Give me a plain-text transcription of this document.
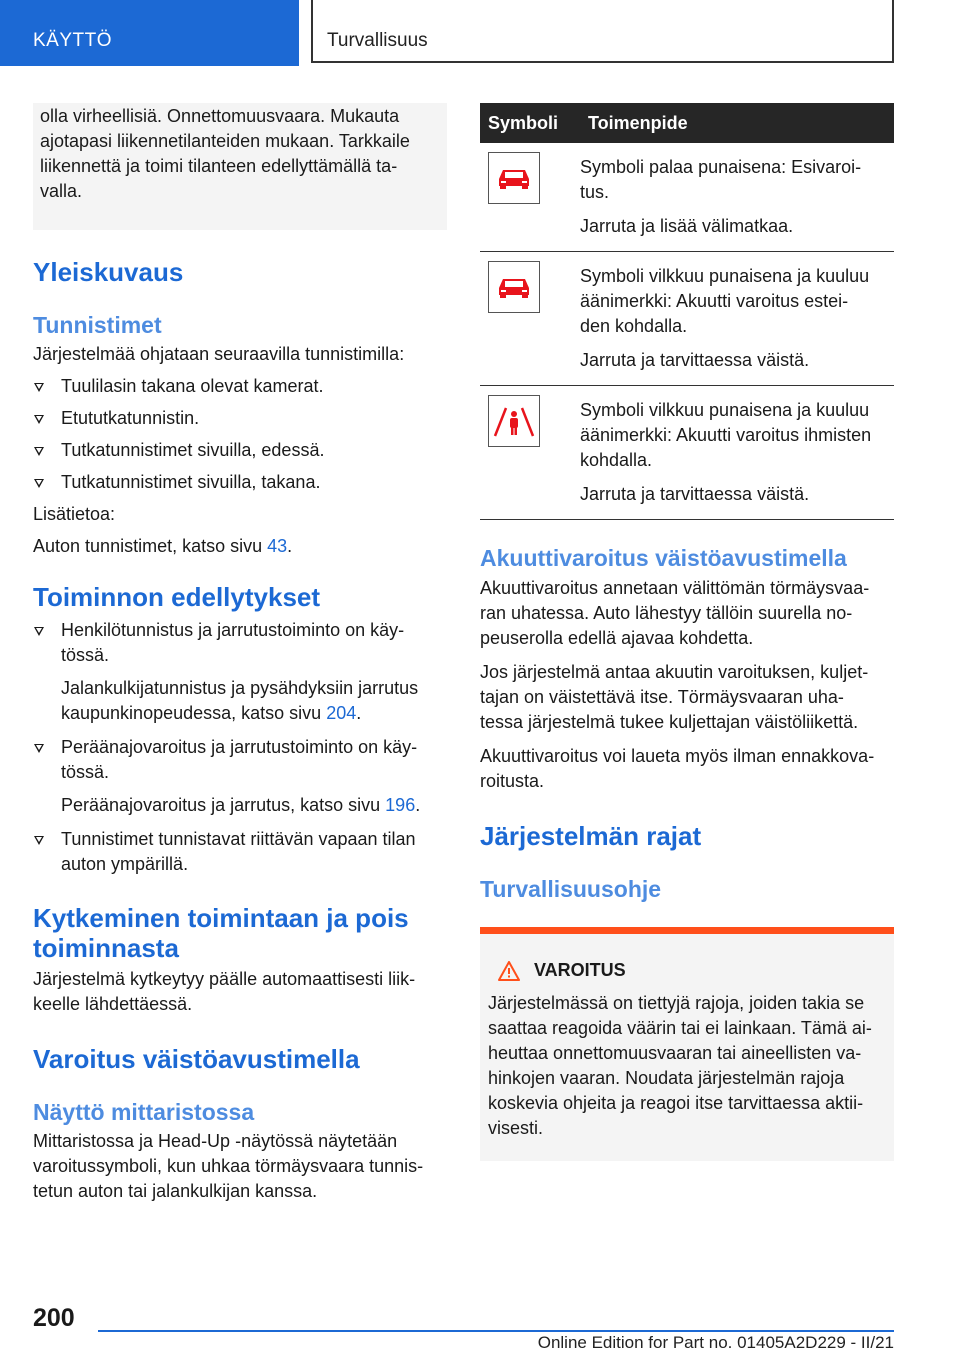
KÄYTTÖ	Turvallisuus

olla virheellisiä. Onnettomuusvaara. Mukauta

ajotapasi liikennetilanteiden mukaan. Tarkkaile

liikennettä ja toimi tilanteen edellyttämällä ta-

valla.

Yleiskuvaus
Tunnistimet

Järjestelmää ohjataan seuraavilla tunnistimilla:

Tuulilasin takana olevat kamerat.
Etututkatunnistin.
Tutkatunnistimet sivuilla, edessä.
Tutkatunnistimet sivuilla, takana.

Lisätietoa:

Auton tunnistimet, katso sivu 43.

Toiminnon edellytykset

Henkilötunnistus ja jarrutustoiminto on käy-

tössä.

Jalankulkijatunnistus ja pysähdyksiin jarrutus

kaupunkinopeudessa, katso sivu 204.

Peräänajovaroitus ja jarrutustoiminto on käy-

tössä.

Peräänajovaroitus ja jarrutus, katso sivu 196.

Tunnistimet tunnistavat riittävän vapaan tilan

auton ympärillä.

Kytkeminen toimintaan ja pois
toiminnasta

Järjestelmä kytkeytyy päälle automaattisesti liik-

keelle lähdettäessä.

Varoitus väistöavustimella
Näyttö mittaristossa

Mittaristossa ja Head-Up -näytössä näytetään

varoitussymboli, kun uhkaa törmäysvaara tunnis-

tetun auton tai jalankulkijan kanssa.

Symboli	Toimenpide

Symboli palaa punaisena: Esivaroi-

tus.

Jarruta ja lisää välimatkaa.

Symboli vilkkuu punaisena ja kuuluu

äänimerkki: Akuutti varoitus estei-

den kohdalla.

Jarruta ja tarvittaessa väistä.

Symboli vilkkuu punaisena ja kuuluu

äänimerkki: Akuutti varoitus ihmisten

kohdalla.

Jarruta ja tarvittaessa väistä.

Akuuttivaroitus väistöavustimella

Akuuttivaroitus annetaan välittömän törmäysvaa-

ran uhatessa. Auto lähestyy tällöin suurella no-

peuserolla edellä ajavaa kohdetta.

Jos järjestelmä antaa akuutin varoituksen, kuljet-

tajan on väistettävä itse. Törmäysvaaran uha-

tessa järjestelmä tukee kuljettajan väistöliikettä.

Akuuttivaroitus voi laueta myös ilman ennakkova-

roitusta.

Järjestelmän rajat
Turvallisuusohje
VAROITUS

Järjestelmässä on tiettyjä rajoja, joiden takia se

saattaa reagoida väärin tai ei lainkaan. Tämä ai-

heuttaa onnettomuusvaaran tai aineellisten va-

hinkojen vaaran. Noudata järjestelmän rajoja

koskevia ohjeita ja reagoi itse tarvittaessa aktii-

visesti.

200
Online Edition for Part no. 01405A2D229 - II/21
